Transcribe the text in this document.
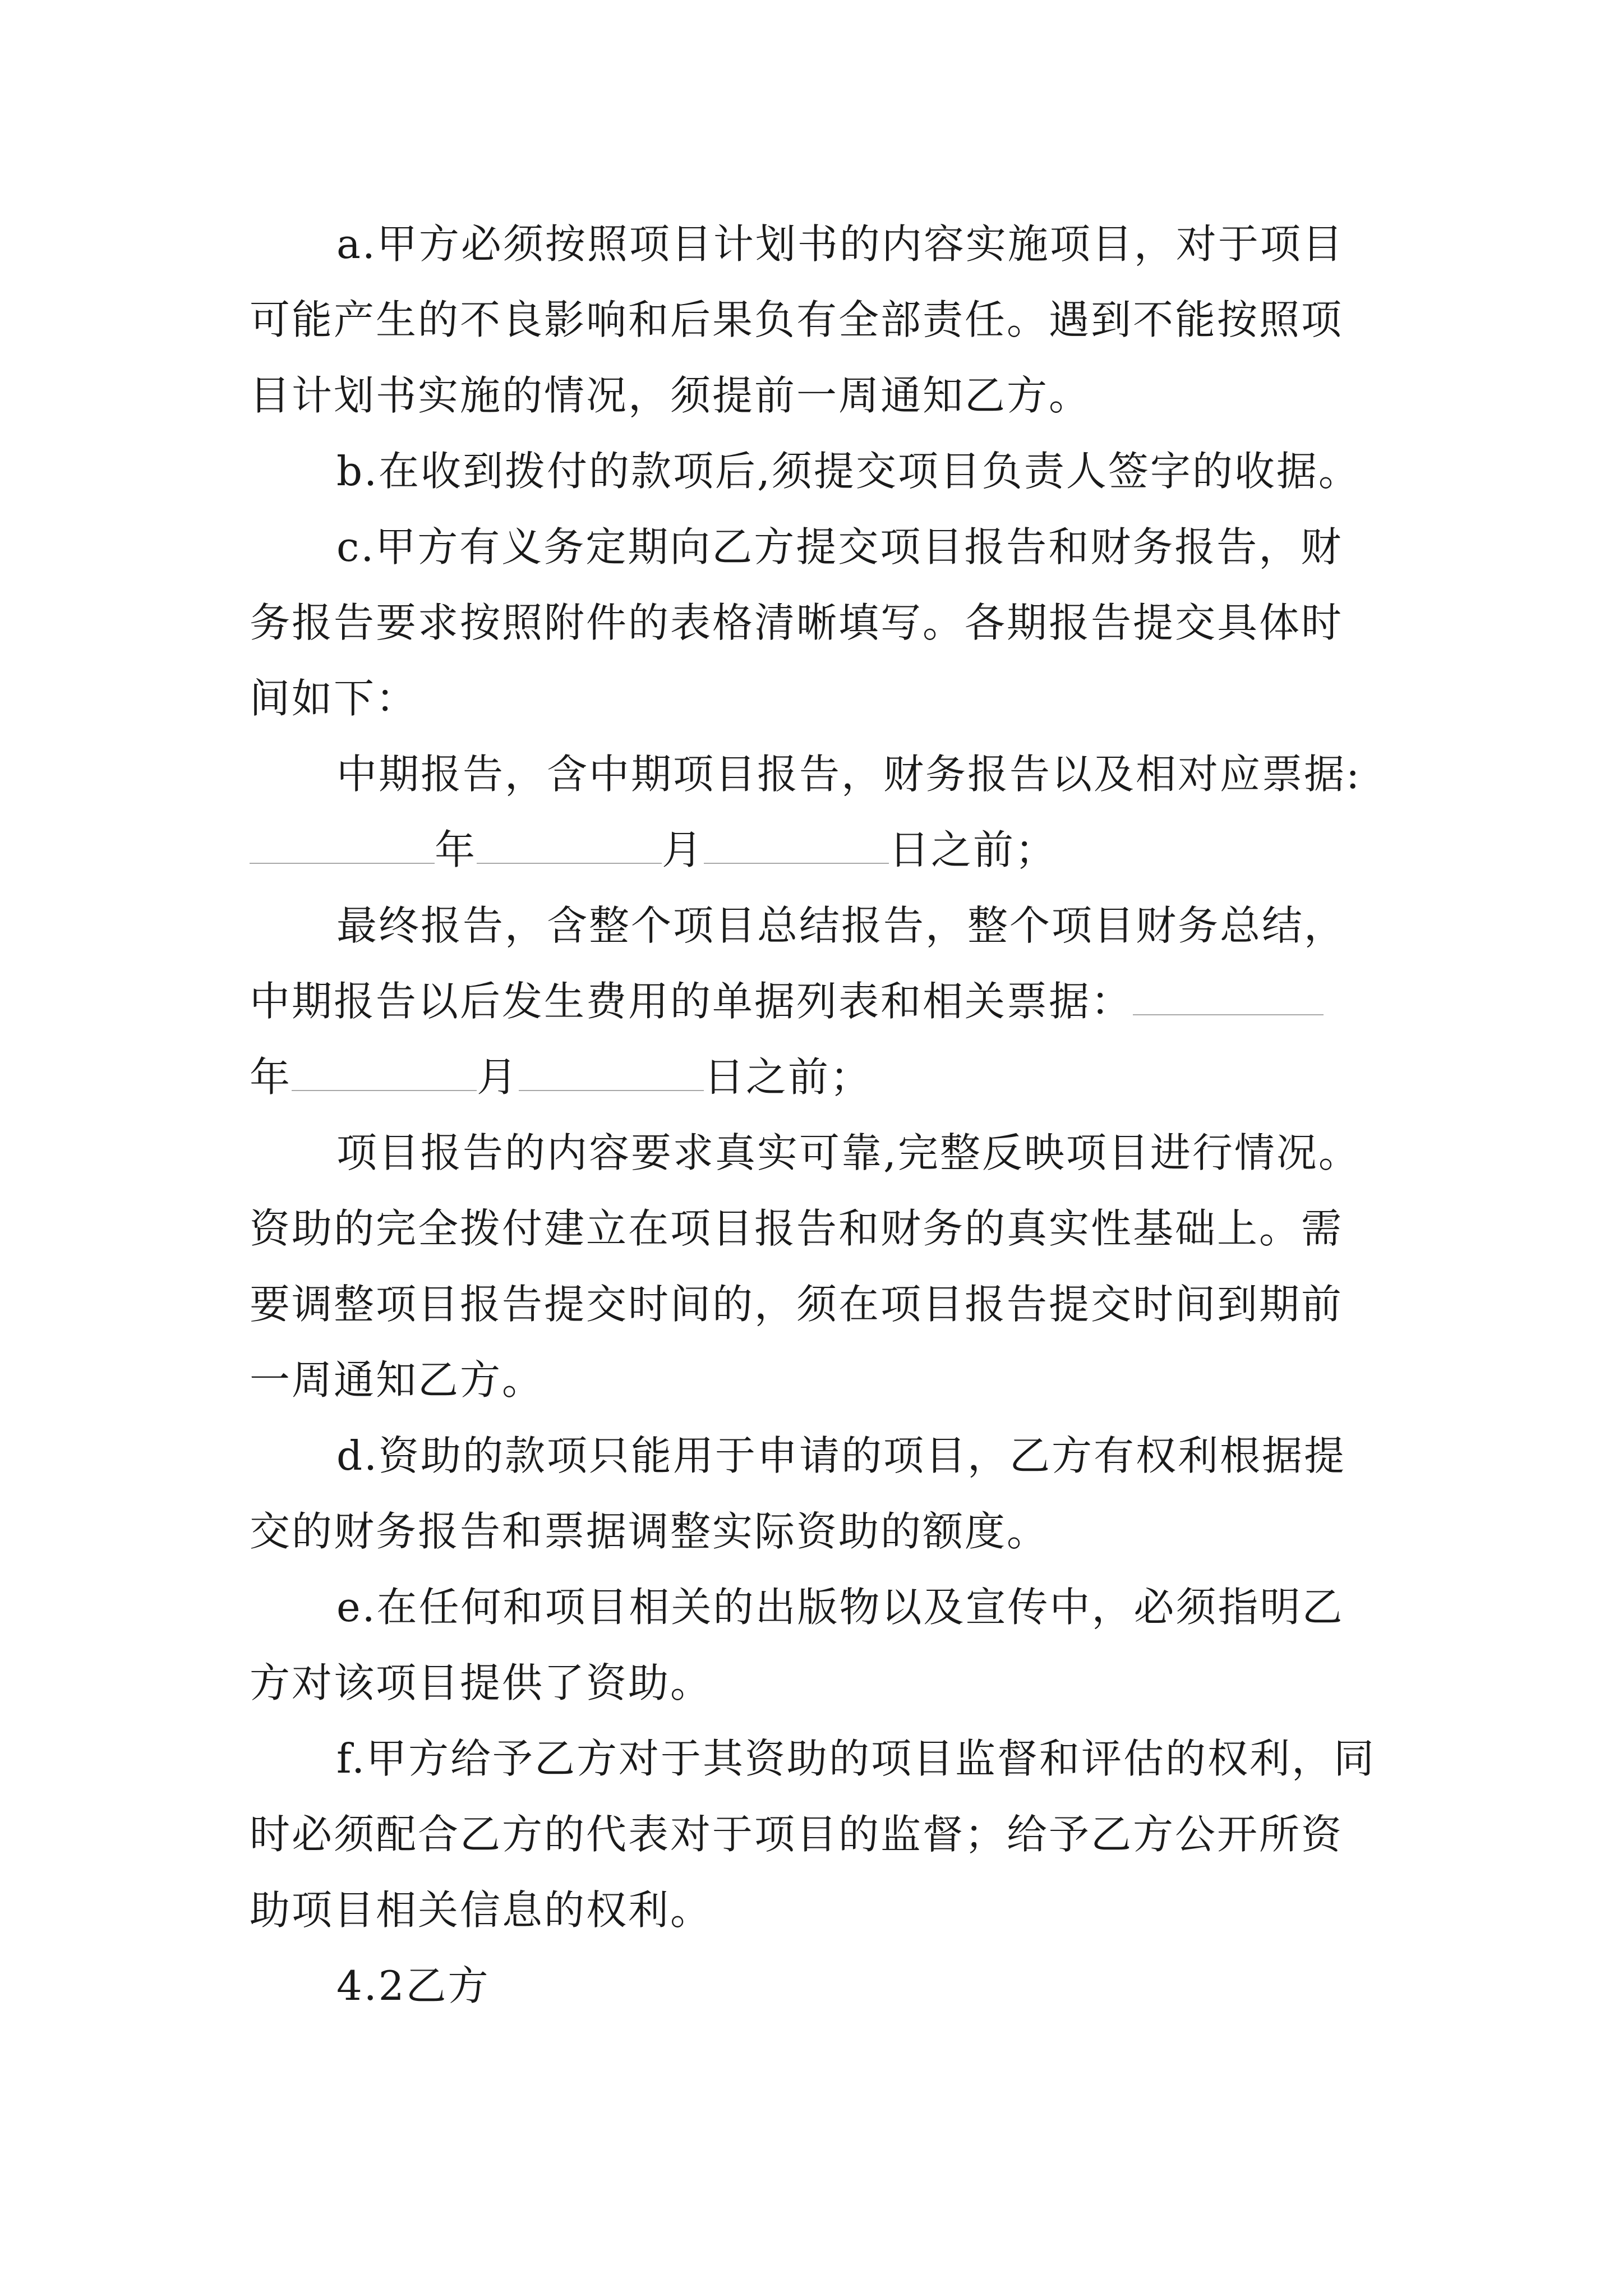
a.甲方必须按照项目计划书的内容实施项目，对于项目可能产生的不良影响和后果负有全部责任。遇到不能按照项目计划书实施的情况，须提前一周通知乙方。

b.在收到拨付的款项后,须提交项目负责人签字的收据。

c.甲方有义务定期向乙方提交项目报告和财务报告，财务报告要求按照附件的表格清晰填写。各期报告提交具体时间如下：

中期报告，含中期项目报告，财务报告以及相对应票据:

年	月	日之前；

最终报告，含整个项目总结报告，整个项目财务总结，中期报告以后发生费用的单据列表和相关票据：

年	月	日之前；

项目报告的内容要求真实可靠,完整反映项目进行情况。资助的完全拨付建立在项目报告和财务的真实性基础上。需要调整项目报告提交时间的，须在项目报告提交时间到期前一周通知乙方。

d.资助的款项只能用于申请的项目，乙方有权利根据提交的财务报告和票据调整实际资助的额度。

e.在任何和项目相关的出版物以及宣传中，必须指明乙方对该项目提供了资助。

f.甲方给予乙方对于其资助的项目监督和评估的权利，同时必须配合乙方的代表对于项目的监督；给予乙方公开所资助项目相关信息的权利。

4.2乙方
